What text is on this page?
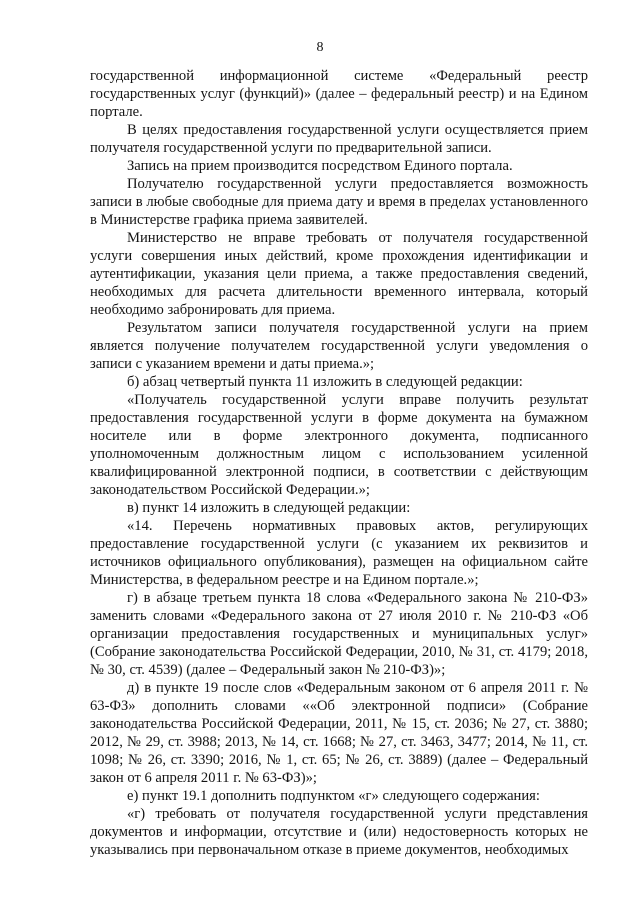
8

государственной информационной системе «Федеральный реестр государственных услуг (функций)» (далее – федеральный реестр) и на Едином портале.

В целях предоставления государственной услуги осуществляется прием получателя государственной услуги по предварительной записи.

Запись на прием производится посредством Единого портала.

Получателю государственной услуги предоставляется возможность записи в любые свободные для приема дату и время в пределах установленного в Министерстве графика приема заявителей.

Министерство не вправе требовать от получателя государственной услуги совершения иных действий, кроме прохождения идентификации и аутентификации, указания цели приема, а также предоставления сведений, необходимых для расчета длительности временного интервала, который необходимо забронировать для приема.

Результатом записи получателя государственной услуги на прием является получение получателем государственной услуги уведомления о записи с указанием времени и даты приема.»;

б) абзац четвертый пункта 11 изложить в следующей редакции:

«Получатель государственной услуги вправе получить результат предоставления государственной услуги в форме документа на бумажном носителе или в форме электронного документа, подписанного уполномоченным должностным лицом с использованием усиленной квалифицированной электронной подписи, в соответствии с действующим законодательством Российской Федерации.»;

в) пункт 14 изложить в следующей редакции:

«14. Перечень нормативных правовых актов, регулирующих предоставление государственной услуги (с указанием их реквизитов и источников официального опубликования), размещен на официальном сайте Министерства, в федеральном реестре и на Едином портале.»;

г) в абзаце третьем пункта 18 слова «Федерального закона № 210-ФЗ» заменить словами «Федерального закона от 27 июля 2010 г. № 210-ФЗ «Об организации предоставления государственных и муниципальных услуг» (Собрание законодательства Российской Федерации, 2010, № 31, ст. 4179; 2018, № 30, ст. 4539) (далее – Федеральный закон № 210-ФЗ)»;

д) в пункте 19 после слов «Федеральным законом от 6 апреля 2011 г. № 63-ФЗ» дополнить словами ««Об электронной подписи» (Собрание законодательства Российской Федерации, 2011, № 15, ст. 2036; № 27, ст. 3880; 2012, № 29, ст. 3988; 2013, № 14, ст. 1668; № 27, ст. 3463, 3477; 2014, № 11, ст. 1098; № 26, ст. 3390; 2016, № 1, ст. 65; № 26, ст. 3889) (далее – Федеральный закон от 6 апреля 2011 г. № 63-ФЗ)»;

е) пункт 19.1 дополнить подпунктом «г» следующего содержания:

«г) требовать от получателя государственной услуги представления документов и информации, отсутствие и (или) недостоверность которых не указывались при первоначальном отказе в приеме документов, необходимых
